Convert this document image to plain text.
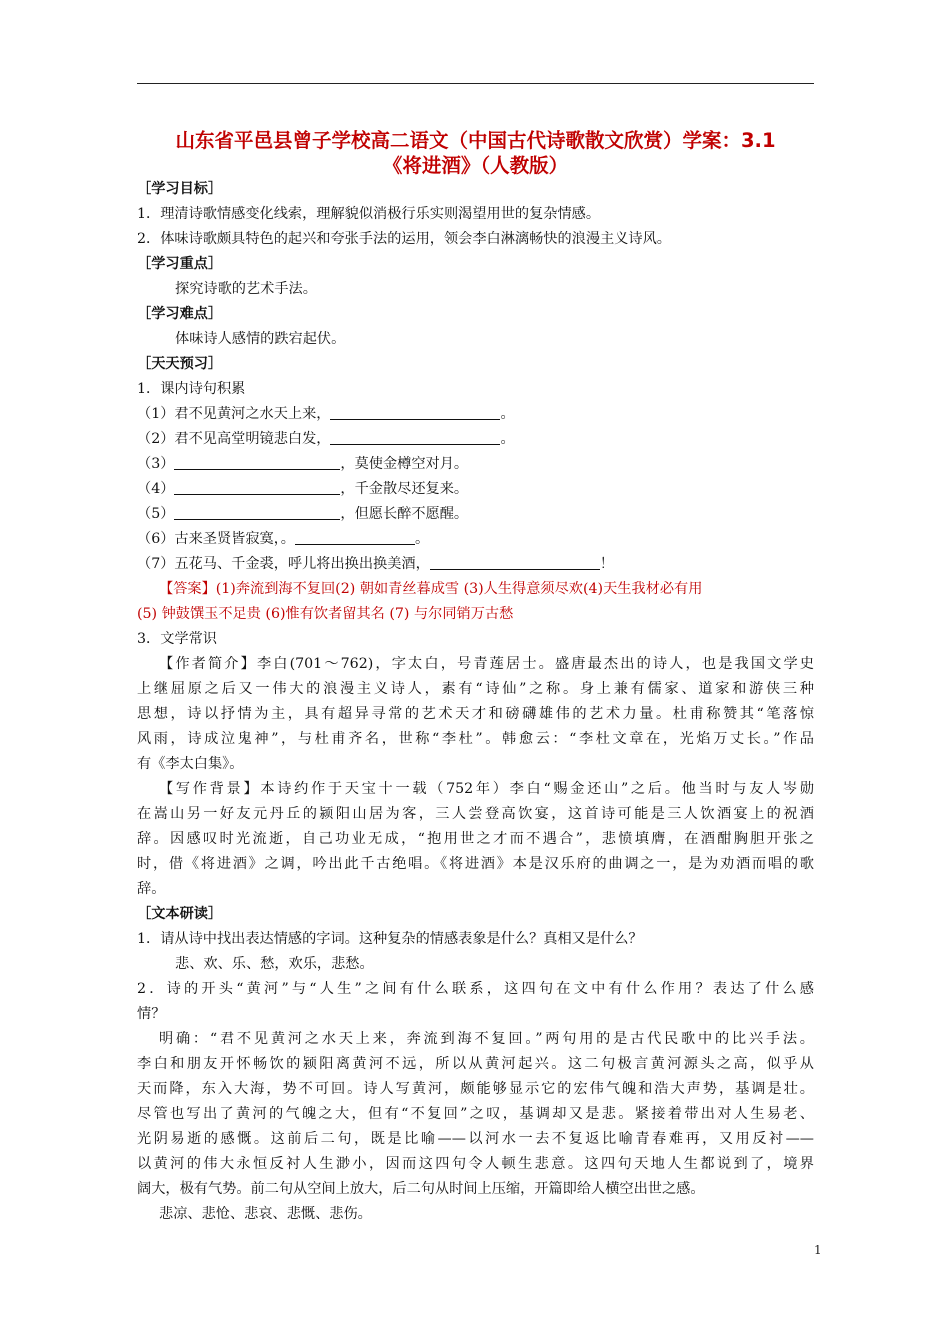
山东省平邑县曾子学校高二语文（中国古代诗歌散文欣赏）学案：3.1
《将进酒》（人教版）
［学习目标］
1．理清诗歌情感变化线索，理解貌似消极行乐实则渴望用世的复杂情感。
2．体味诗歌颇具特色的起兴和夸张手法的运用，领会李白淋漓畅快的浪漫主义诗风。
［学习重点］
探究诗歌的艺术手法。
［学习难点］
体味诗人感情的跌宕起伏。
［天天预习］
1．课内诗句积累
（1）君不见黄河之水天上来，	。
（2）君不见高堂明镜悲白发，	。
（3）	，莫使金樽空对月。
（4）	，千金散尽还复来。
（5）	，但愿长醉不愿醒。
（6）古来圣贤皆寂寞，。	。
（7）五花马、千金裘，呼儿将出换出换美酒，	！
【答案】(1)奔流到海不复回(2) 朝如青丝暮成雪 (3)人生得意须尽欢(4)天生我材必有用
(5) 钟鼓馔玉不足贵 (6)惟有饮者留其名 (7) 与尔同销万古愁
3．文学常识
【作者简介】李白(701～762)，字太白，号青莲居士。盛唐最杰出的诗人，也是我国文学史
上继屈原之后又一伟大的浪漫主义诗人，素有“诗仙”之称。身上兼有儒家、道家和游侠三种
思想，诗以抒情为主，具有超异寻常的艺术天才和磅礴雄伟的艺术力量。杜甫称赞其“笔落惊
风雨，诗成泣鬼神”，与杜甫齐名，世称“李杜”。韩愈云：“李杜文章在，光焰万丈长。”作品
有《李太白集》。
【写作背景】本诗约作于天宝十一载（752年）李白“赐金还山”之后。他当时与友人岑勋
在嵩山另一好友元丹丘的颍阳山居为客，三人尝登高饮宴，这首诗可能是三人饮酒宴上的祝酒
辞。因感叹时光流逝，自己功业无成，“抱用世之才而不遇合”，悲愤填膺，在酒酣胸胆开张之
时，借《将进酒》之调，吟出此千古绝唱。《将进酒》本是汉乐府的曲调之一，是为劝酒而唱的歌
辞。
［文本研读］
1．请从诗中找出表达情感的字词。这种复杂的情感表象是什么？真相又是什么？
悲、欢、乐、愁，欢乐，悲愁。
2．诗的开头“黄河”与“人生”之间有什么联系，这四句在文中有什么作用？表达了什么感
情？
明确：“君不见黄河之水天上来，奔流到海不复回。”两句用的是古代民歌中的比兴手法。
李白和朋友开怀畅饮的颍阳离黄河不远，所以从黄河起兴。这二句极言黄河源头之高，似乎从
天而降，东入大海，势不可回。诗人写黄河，颇能够显示它的宏伟气魄和浩大声势，基调是壮。
尽管也写出了黄河的气魄之大，但有“不复回”之叹，基调却又是悲。紧接着带出对人生易老、
光阴易逝的感慨。这前后二句，既是比喻——以河水一去不复返比喻青春难再，又用反衬——
以黄河的伟大永恒反衬人生渺小，因而这四句令人顿生悲意。这四句天地人生都说到了，境界
阔大，极有气势。前二句从空间上放大，后二句从时间上压缩，开篇即给人横空出世之感。
悲凉、悲怆、悲哀、悲慨、悲伤。
1
